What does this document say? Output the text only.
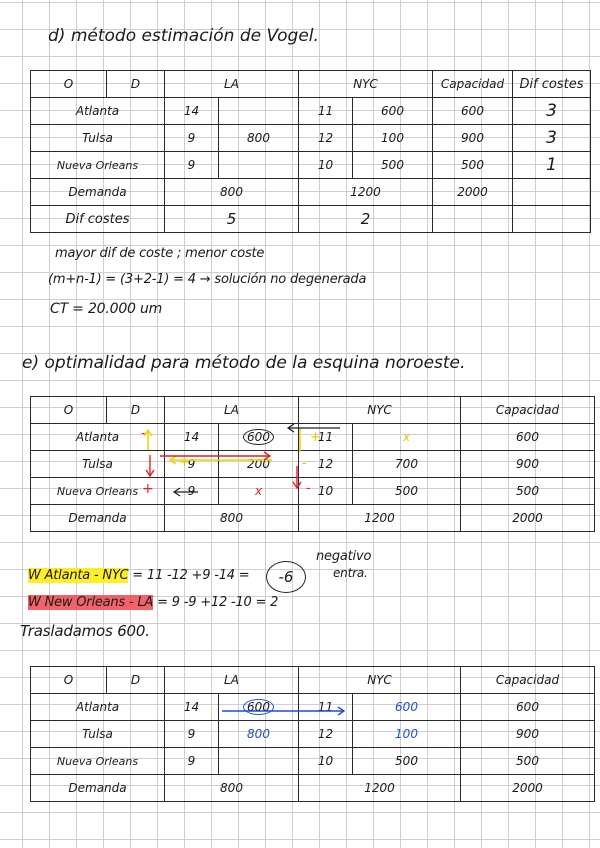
d) método estimación de Vogel.
O	D	LA		NYC		Capacidad	Dif costes
Atlanta		14		11	600	600	3
Tulsa		9	800	12	100	900	3
Nueva Orleans		9		10	500	500	1
Demanda		800		1200		2000	
Dif costes		5		2			
mayor dif de coste ; menor coste
(m+n-1) = (3+2-1) = 4 → solución no degenerada
CT = 20.000 um
e) optimalidad para método de la esquina noroeste.
O	D	LA		NYC		Capacidad
Atlanta		14	600	11	x	600
Tulsa		9	200	12	700	900
Nueva Orleans		9	x	10	500	500
Demanda		800		1200		2000
-	+
+	-
+	-
W Atlanta - NYC = 11 -12 +9 -14 =	-6
negativo
entra.
W New Orleans - LA = 9 -9 +12 -10 = 2
Trasladamos 600.
O	D	LA		NYC		Capacidad
Atlanta		14	600	11	600	600
Tulsa		9	800	12	100	900
Nueva Orleans		9		10	500	500
Demanda		800		1200		2000
